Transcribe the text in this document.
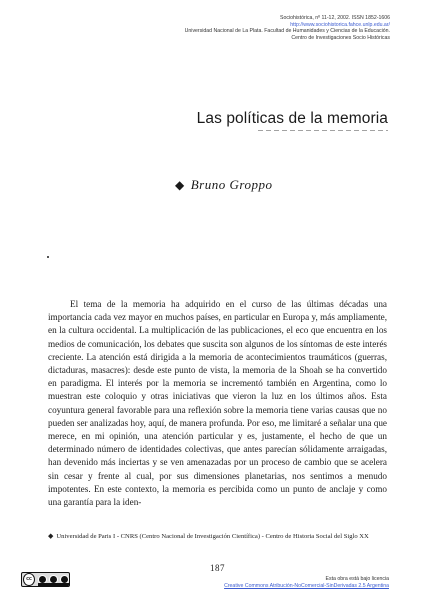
Sociohistórica, nº 11-12, 2002. ISSN 1852-1606
http://www.sociohistorica.fahce.unlp.edu.ar/
Universidad Nacional de La Plata. Facultad de Humanidades y Ciencias de la Educación.
Centro de Investigaciones Socio Históricas
Las políticas de la memoria
◆ Bruno Groppo

El tema de la memoria ha adquirido en el curso de las últimas décadas una importancia cada vez mayor en muchos países, en particular en Europa y, más ampliamente, en la cultura occidental. La multiplicación de las publicaciones, el eco que encuentra en los medios de comunicación, los debates que suscita son algunos de los síntomas de este interés creciente. La atención está dirigida a la memoria de acontecimientos traumáticos (guerras, dictaduras, masacres): desde este punto de vista, la memoria de la Shoah se ha convertido en paradigma. El interés por la memoria se incrementó también en Argentina, como lo muestran este coloquio y otras iniciativas que vieron la luz en los últimos años. Esta coyuntura general favorable para una reflexión sobre la memoria tiene varias causas que no pueden ser analizadas hoy, aquí, de manera profunda. Por eso, me limitaré a señalar una que merece, en mi opinión, una atención particular y es, justamente, el hecho de que un determinado número de identidades colectivas, que antes parecían sólidamente arraigadas, han devenido más inciertas y se ven amenazadas por un proceso de cambio que se acelera sin cesar y frente al cual, por sus dimensiones planetarias, nos sentimos a menudo impotentes. En este contexto, la memoria es percibida como un punto de anclaje y como una garantía para la iden-

◆ Universidad de Paris I - CNRS (Centro Nacional de Investigación Científica) - Centro de Historia Social del Siglo XX
187
cc	Esta obra está bajo licencia
Creative Commons Atribución-NoComercial-SinDerivadas 2.5 Argentina
